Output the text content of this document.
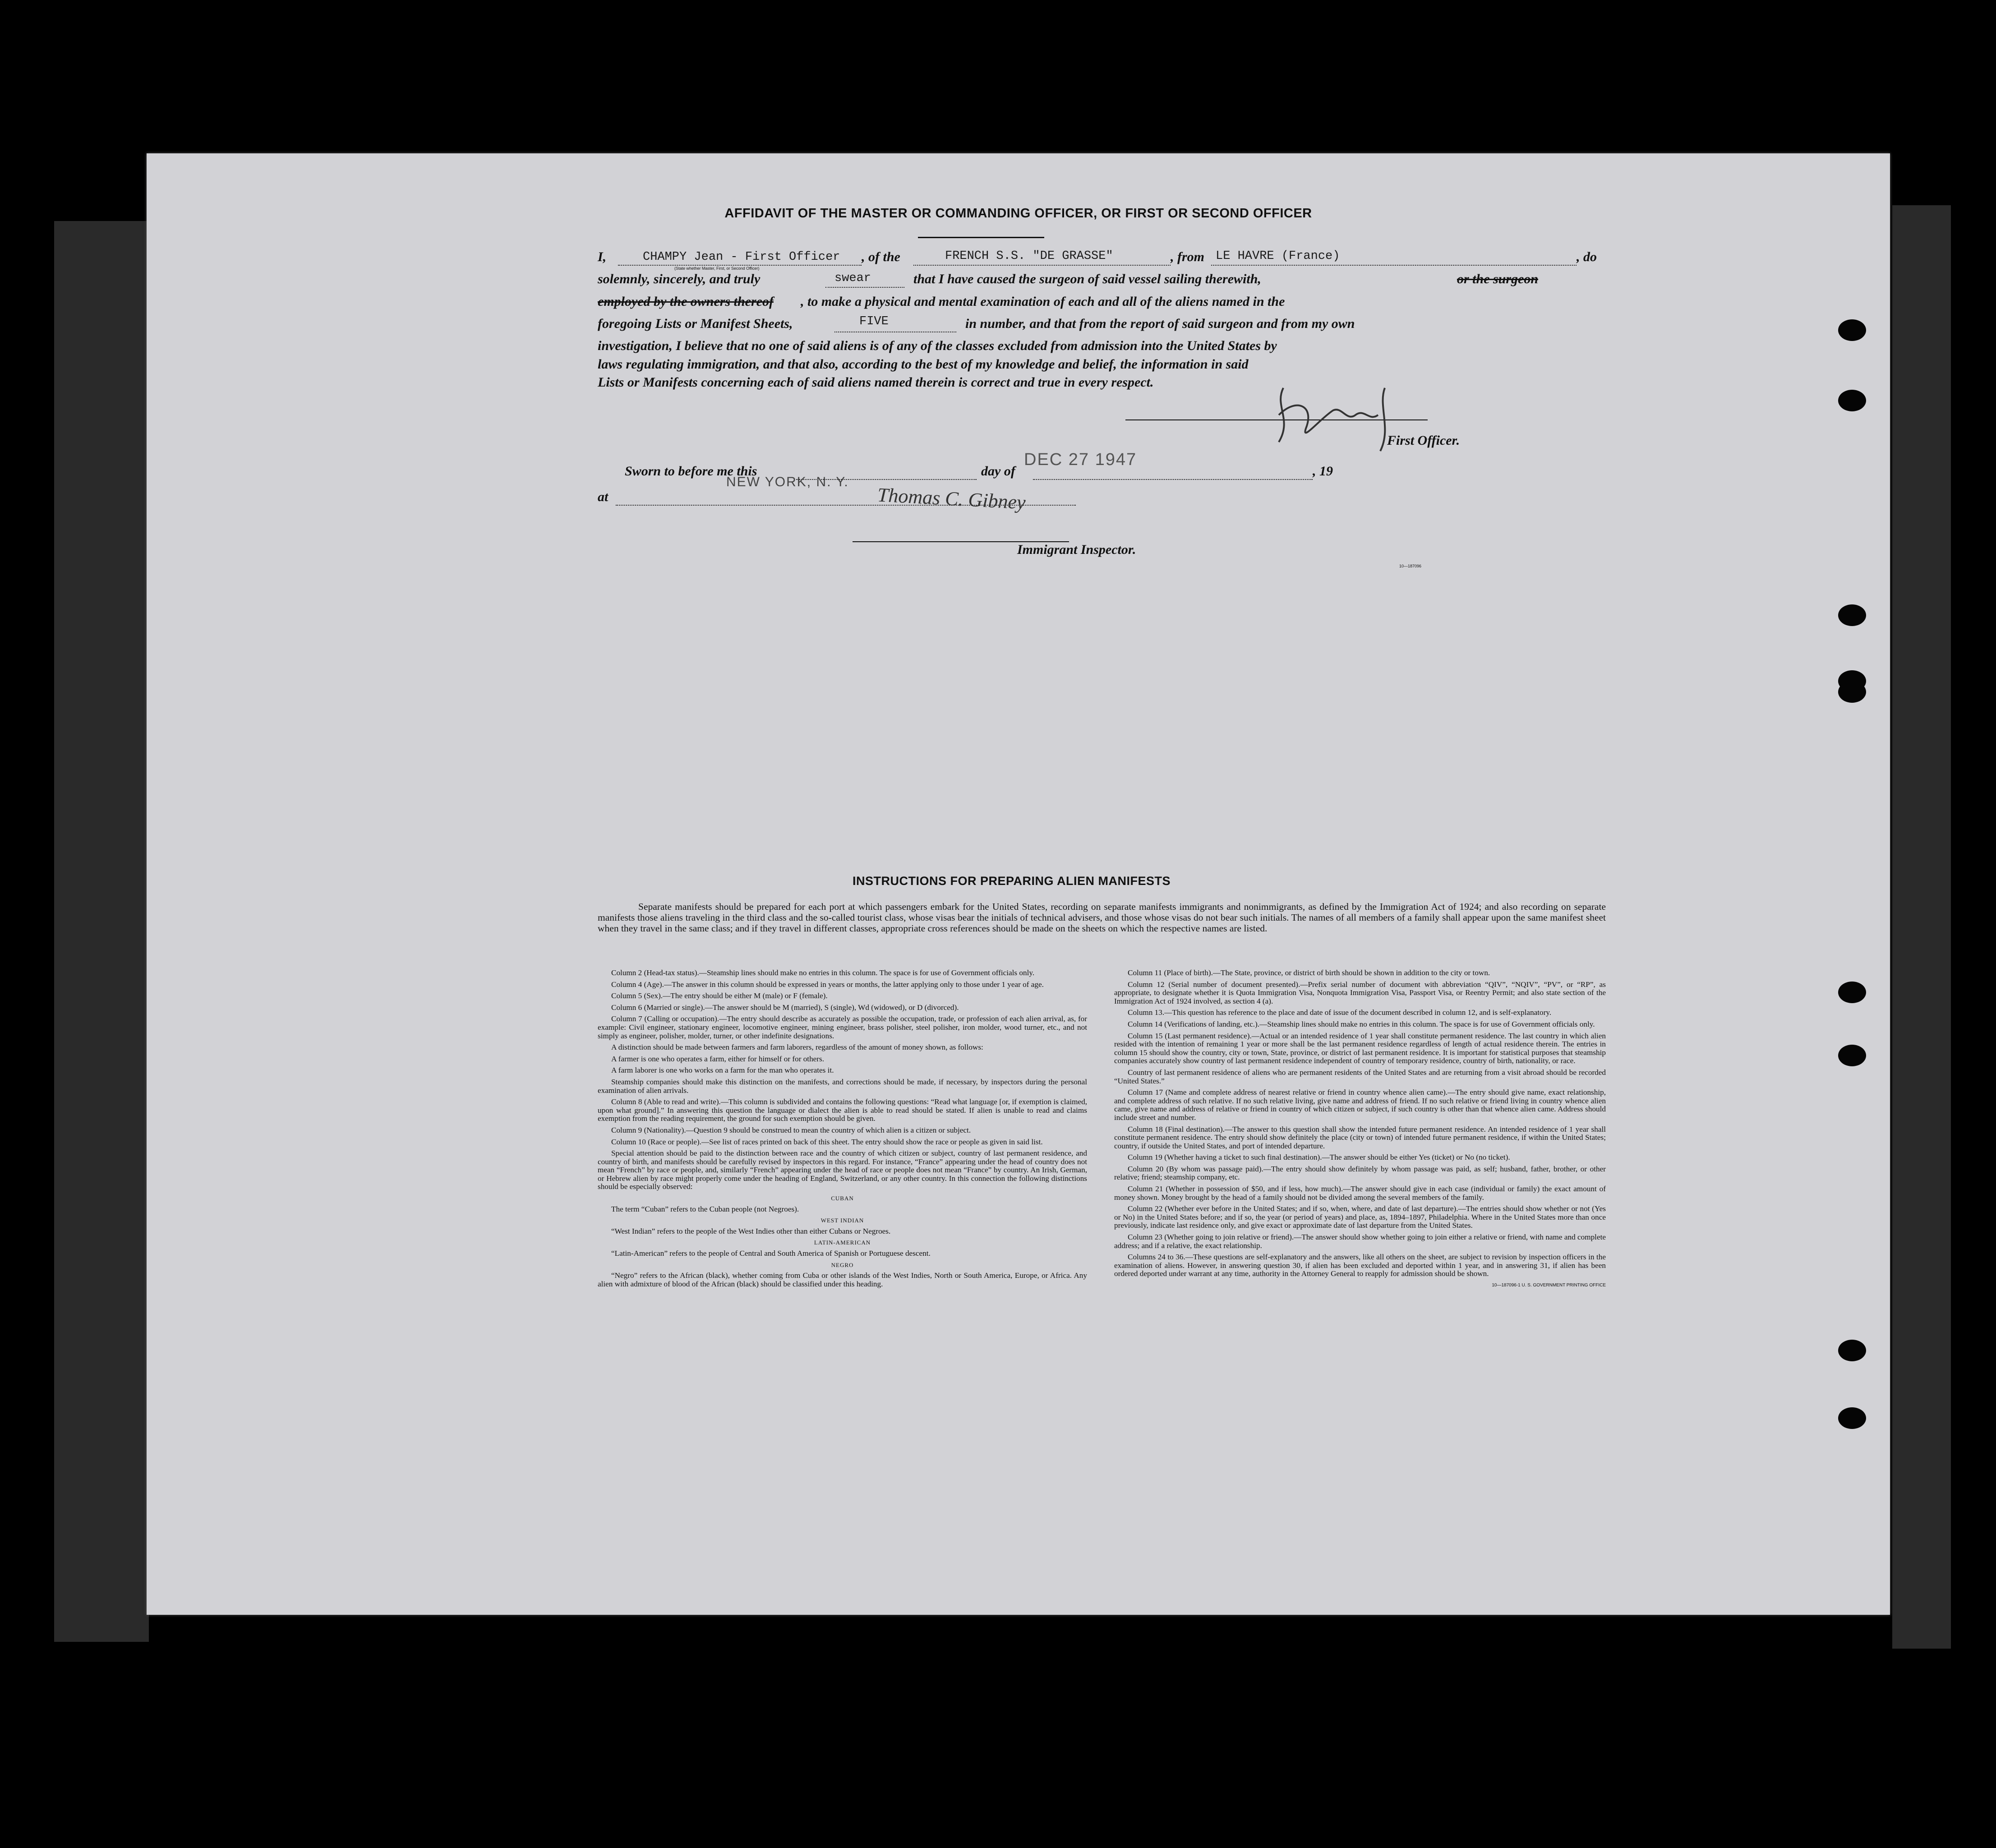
AFFIDAVIT OF THE MASTER OR COMMANDING OFFICER, OR FIRST OR SECOND OFFICER
I,	CHAMPY Jean - First Officer , of the	FRENCH S.S. "DE GRASSE"	, from LE HAVRE (France)	, do
(State whether Master, First, or Second Officer)
solemnly, sincerely, and truly	swear	that I have caused the surgeon of said vessel sailing therewith,	or the surgeon
employed by the owners thereof , to make a physical and mental examination of each and all of the aliens named in the
foregoing Lists or Manifest Sheets,	FIVE	in number, and that from the report of said surgeon and from my own
investigation, I believe that no one of said aliens is of any of the classes excluded from admission into the United States by
laws regulating immigration, and that also, according to the best of my knowledge and belief, the information in said
Lists or Manifests concerning each of said aliens named therein is correct and true in every respect.
First Officer.
Sworn to before me this	day of
DEC 27 1947
, 19
at
NEW YORK, N. Y.
Thomas C. Gibney
Immigrant Inspector.
10—187096
INSTRUCTIONS FOR PREPARING ALIEN MANIFESTS
Separate manifests should be prepared for each port at which passengers embark for the United States, recording on separate manifests immigrants and nonimmigrants, as defined by the Immigration Act of 1924; and also recording on separate manifests those aliens traveling in the third class and the so-called tourist class, whose visas bear the initials of technical advisers, and those whose visas do not bear such initials. The names of all members of a family shall appear upon the same manifest sheet when they travel in the same class; and if they travel in different classes, appropriate cross references should be made on the sheets on which the respective names are listed.

Column 2 (Head-tax status).—Steamship lines should make no entries in this column. The space is for use of Government officials only.

Column 4 (Age).—The answer in this column should be expressed in years or months, the latter applying only to those under 1 year of age.

Column 5 (Sex).—The entry should be either M (male) or F (female).

Column 6 (Married or single).—The answer should be M (married), S (single), Wd (widowed), or D (divorced).

Column 7 (Calling or occupation).—The entry should describe as accurately as possible the occupation, trade, or profession of each alien arrival, as, for example: Civil engineer, stationary engineer, locomotive engineer, mining engineer, brass polisher, steel polisher, iron molder, wood turner, etc., and not simply as engineer, polisher, molder, turner, or other indefinite designations.

A distinction should be made between farmers and farm laborers, regardless of the amount of money shown, as follows:

A farmer is one who operates a farm, either for himself or for others.

A farm laborer is one who works on a farm for the man who operates it.

Steamship companies should make this distinction on the manifests, and corrections should be made, if necessary, by inspectors during the personal examination of alien arrivals.

Column 8 (Able to read and write).—This column is subdivided and contains the following questions: “Read what language [or, if exemption is claimed, upon what ground].” In answering this question the language or dialect the alien is able to read should be stated. If alien is unable to read and claims exemption from the reading requirement, the ground for such exemption should be given.

Column 9 (Nationality).—Question 9 should be construed to mean the country of which alien is a citizen or subject.

Column 10 (Race or people).—See list of races printed on back of this sheet. The entry should show the race or people as given in said list.

Special attention should be paid to the distinction between race and the country of which citizen or subject, country of last permanent residence, and country of birth, and manifests should be carefully revised by inspectors in this regard. For instance, “France” appearing under the head of country does not mean “French” by race or people, and, similarly “French” appearing under the head of race or people does not mean “France” by country. An Irish, German, or Hebrew alien by race might properly come under the heading of England, Switzerland, or any other country. In this connection the following distinctions should be especially observed:

CUBAN

The term “Cuban” refers to the Cuban people (not Negroes).

WEST INDIAN

“West Indian” refers to the people of the West Indies other than either Cubans or Negroes.

LATIN-AMERICAN

“Latin-American” refers to the people of Central and South America of Spanish or Portuguese descent.

NEGRO

“Negro” refers to the African (black), whether coming from Cuba or other islands of the West Indies, North or South America, Europe, or Africa. Any alien with admixture of blood of the African (black) should be classified under this heading.

Column 11 (Place of birth).—The State, province, or district of birth should be shown in addition to the city or town.

Column 12 (Serial number of document presented).—Prefix serial number of document with abbreviation “QIV”, “NQIV”, “PV”, or “RP”, as appropriate, to designate whether it is Quota Immigration Visa, Nonquota Immigration Visa, Passport Visa, or Reentry Permit; and also state section of the Immigration Act of 1924 involved, as section 4 (a).

Column 13.—This question has reference to the place and date of issue of the document described in column 12, and is self-explanatory.

Column 14 (Verifications of landing, etc.).—Steamship lines should make no entries in this column. The space is for use of Government officials only.

Column 15 (Last permanent residence).—Actual or an intended residence of 1 year shall constitute permanent residence. The last country in which alien resided with the intention of remaining 1 year or more shall be the last permanent residence regardless of length of actual residence therein. The entries in column 15 should show the country, city or town, State, province, or district of last permanent residence. It is important for statistical purposes that steamship companies accurately show country of last permanent residence independent of country of temporary residence, country of birth, nationality, or race.

Country of last permanent residence of aliens who are permanent residents of the United States and are returning from a visit abroad should be recorded “United States.”

Column 17 (Name and complete address of nearest relative or friend in country whence alien came).—The entry should give name, exact relationship, and complete address of such relative. If no such relative living, give name and address of friend. If no such relative or friend living in country whence alien came, give name and address of relative or friend in country of which citizen or subject, if such country is other than that whence alien came. Address should include street and number.

Column 18 (Final destination).—The answer to this question shall show the intended future permanent residence. An intended residence of 1 year shall constitute permanent residence. The entry should show definitely the place (city or town) of intended future permanent residence, if within the United States; country, if outside the United States, and port of intended departure.

Column 19 (Whether having a ticket to such final destination).—The answer should be either Yes (ticket) or No (no ticket).

Column 20 (By whom was passage paid).—The entry should show definitely by whom passage was paid, as self; husband, father, brother, or other relative; friend; steamship company, etc.

Column 21 (Whether in possession of $50, and if less, how much).—The answer should give in each case (individual or family) the exact amount of money shown. Money brought by the head of a family should not be divided among the several members of the family.

Column 22 (Whether ever before in the United States; and if so, when, where, and date of last departure).—The entries should show whether or not (Yes or No) in the United States before; and if so, the year (or period of years) and place, as, 1894–1897, Philadelphia. Where in the United States more than once previously, indicate last residence only, and give exact or approximate date of last departure from the United States.

Column 23 (Whether going to join relative or friend).—The answer should show whether going to join either a relative or friend, with name and complete address; and if a relative, the exact relationship.

Columns 24 to 36.—These questions are self-explanatory and the answers, like all others on the sheet, are subject to revision by inspection officers in the examination of aliens. However, in answering question 30, if alien has been excluded and deported within 1 year, and in answering 31, if alien has been ordered deported under warrant at any time, authority in the Attorney General to reapply for admission should be shown.

10—187096-1 U. S. GOVERNMENT PRINTING OFFICE
